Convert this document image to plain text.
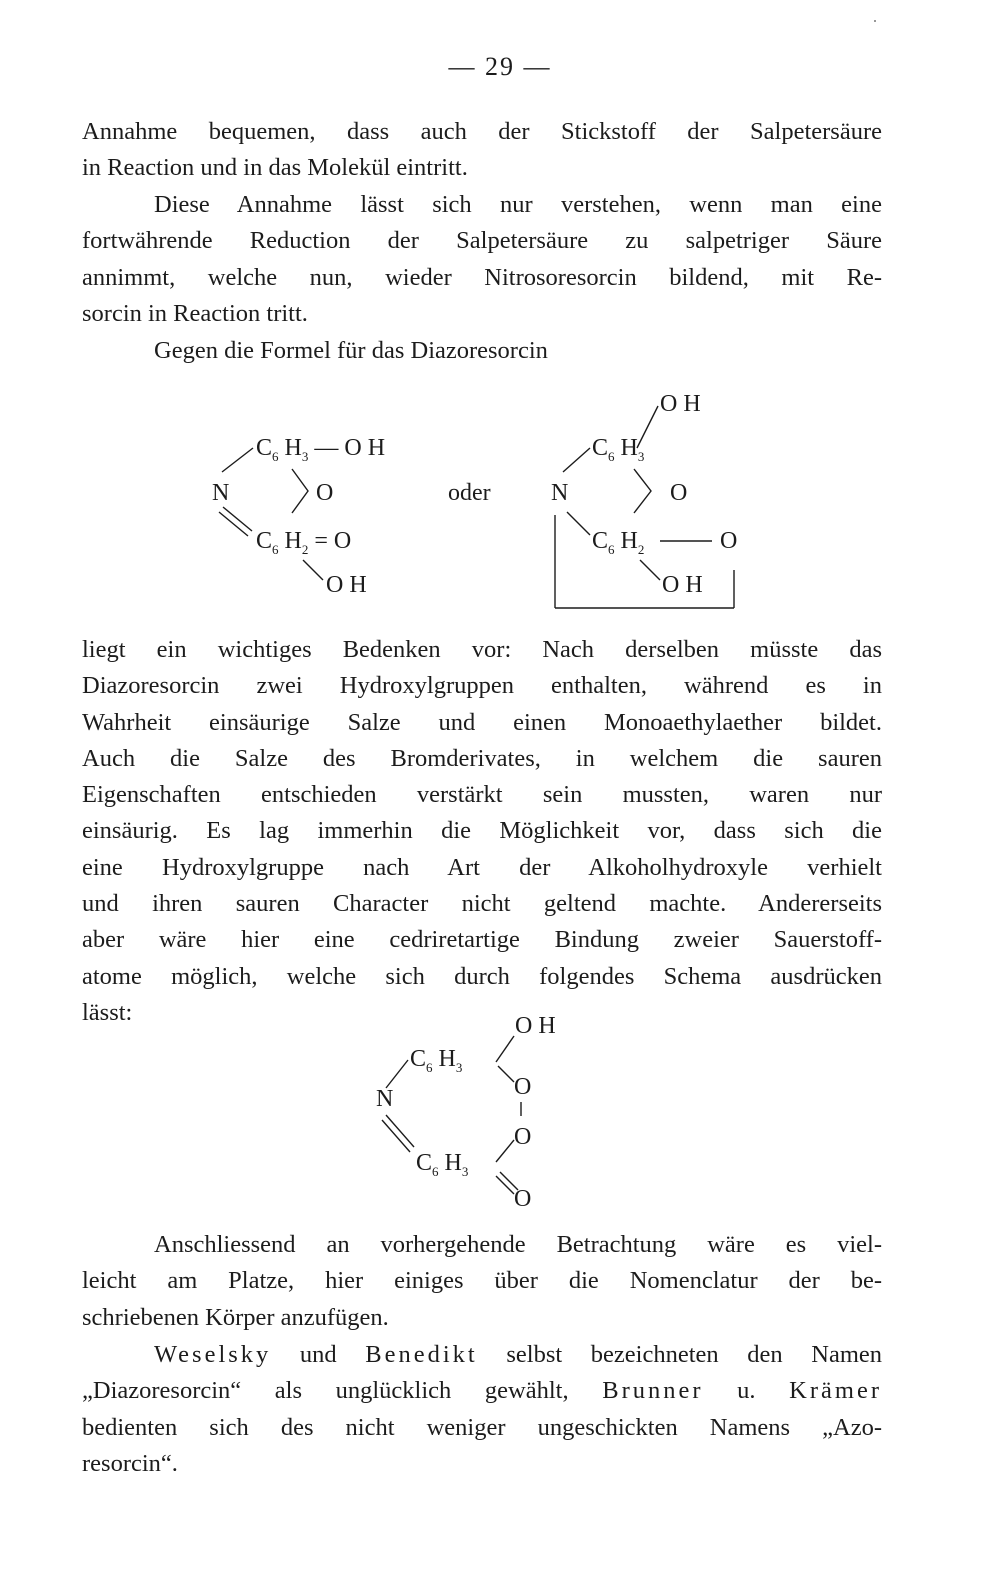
— 29 —
Annahme bequemen, dass auch der Stickstoff der Salpetersäure
in Reaction und in das Molekül eintritt.
Diese Annahme lässt sich nur verstehen, wenn man eine
fortwährende Reduction der Salpetersäure zu salpetriger Säure
annimmt, welche nun, wieder Nitrosoresorcin bildend, mit Re-
sorcin in Reaction tritt.
Gegen die Formel für das Diazoresorcin
$C_6$ $H_3$ — O H
N	O
$C_6$ $H_2 = O$
O H
oder
O H
$C_6$ $H_3$
N	O
$C_6$ $H_2$	O
O H
liegt ein wichtiges Bedenken vor: Nach derselben müsste das
Diazoresorcin zwei Hydroxylgruppen enthalten, während es in
Wahrheit einsäurige Salze und einen Monoaethylaether bildet.
Auch die Salze des Bromderivates, in welchem die sauren
Eigenschaften entschieden verstärkt sein mussten, waren nur
einsäurig. Es lag immerhin die Möglichkeit vor, dass sich die
eine Hydroxylgruppe nach Art der Alkoholhydroxyle verhielt
und ihren sauren Character nicht geltend machte. Andererseits
aber wäre hier eine cedriretartige Bindung zweier Sauerstoff-
atome möglich, welche sich durch folgendes Schema ausdrücken
lässt:
O H
$C_6$ $H_3$
N	O
O
$C_6$ $H_3$
O
Anschliessend an vorhergehende Betrachtung wäre es viel-
leicht am Platze, hier einiges über die Nomenclatur der be-
schriebenen Körper anzufügen.
Weselsky und Benedikt selbst bezeichneten den Namen
„Diazoresorcin“ als unglücklich gewählt, Brunner u. Krämer
bedienten sich des nicht weniger ungeschickten Namens „Azo-
resorcin“.
